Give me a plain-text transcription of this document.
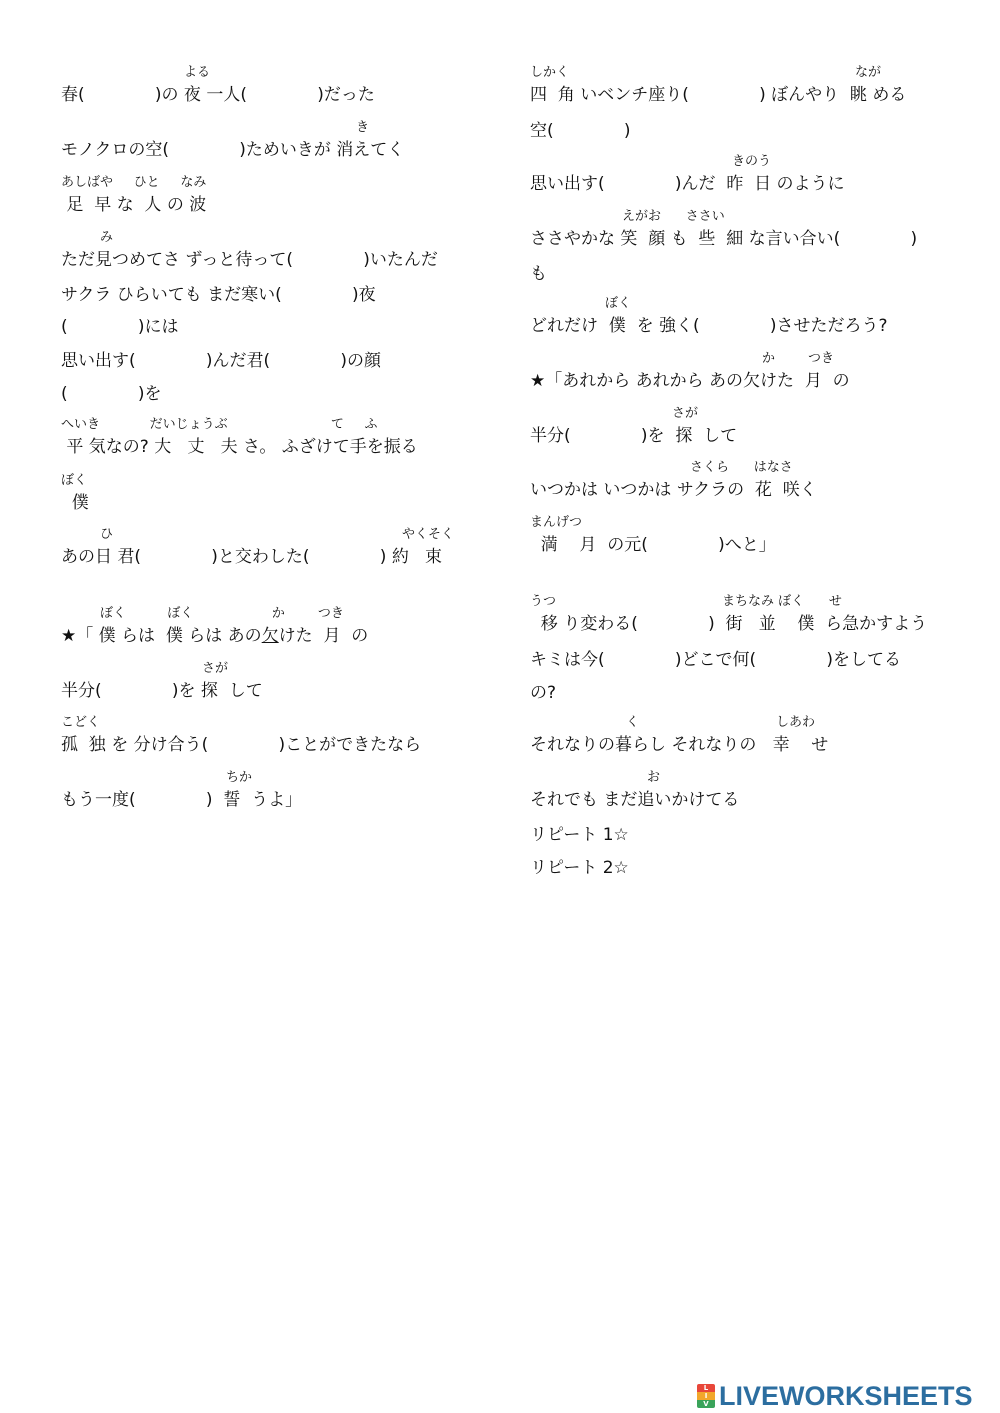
よる
春(             )の 夜 一人(             )だった
き
モノクロの空(             )ためいきが 消えてく
あしばや     ひと     なみ
足  早 な  人 の 波
み
ただ見つめてさ ずっと待って(             )いたんだ
サクラ ひらいても まだ寒い(             )夜
(             )には
思い出す(             )んだ君(             )の顔
(             )を
へいき            だいじょうぶ                         て     ふ
平 気なの? 大   丈   夫 さ。 ふざけて手を振る
ぼく
僕
ひ	やくそく
あの日 君(             )と交わした(             ) 約   束
ぼく          ぼく                   か        つき
★「 僕 らは  僕 らは あの欠けた  月  の
さが
半分(             )を 探  して
こどく
孤  独 を 分け合う(             )ことができたなら
ちか
もう一度(             )  誓  うよ」
しかく	なが
四  角 いベンチ座り(             ) ぼんやり  眺 める
空(             )
きのう
思い出す(             )んだ  昨  日 のように
えがお      ささい
ささやかな 笑  顔 も  些  細 な言い合い(             )
も
ぼく
どれだけ  僕  を 強く(             )させただろう?
か        つき
★「あれから あれから あの欠けた  月  の
さが
半分(             )を  探  して
さくら      はなさ
いつかは いつかは サクラの  花  咲く
まんげつ
満    月  の元(             )へと」
うつ	まちなみ ぼく      せ
移 り変わる(             )  街   並    僕  ら急かすよう
キミは今(             )どこで何(             )をしてる
の?
く	しあわ
それなりの暮らし それなりの   幸    せ
お
それでも まだ追いかけてる
リピート 1☆
リピート 2☆
L
I
V LIVEWORKSHEETS
